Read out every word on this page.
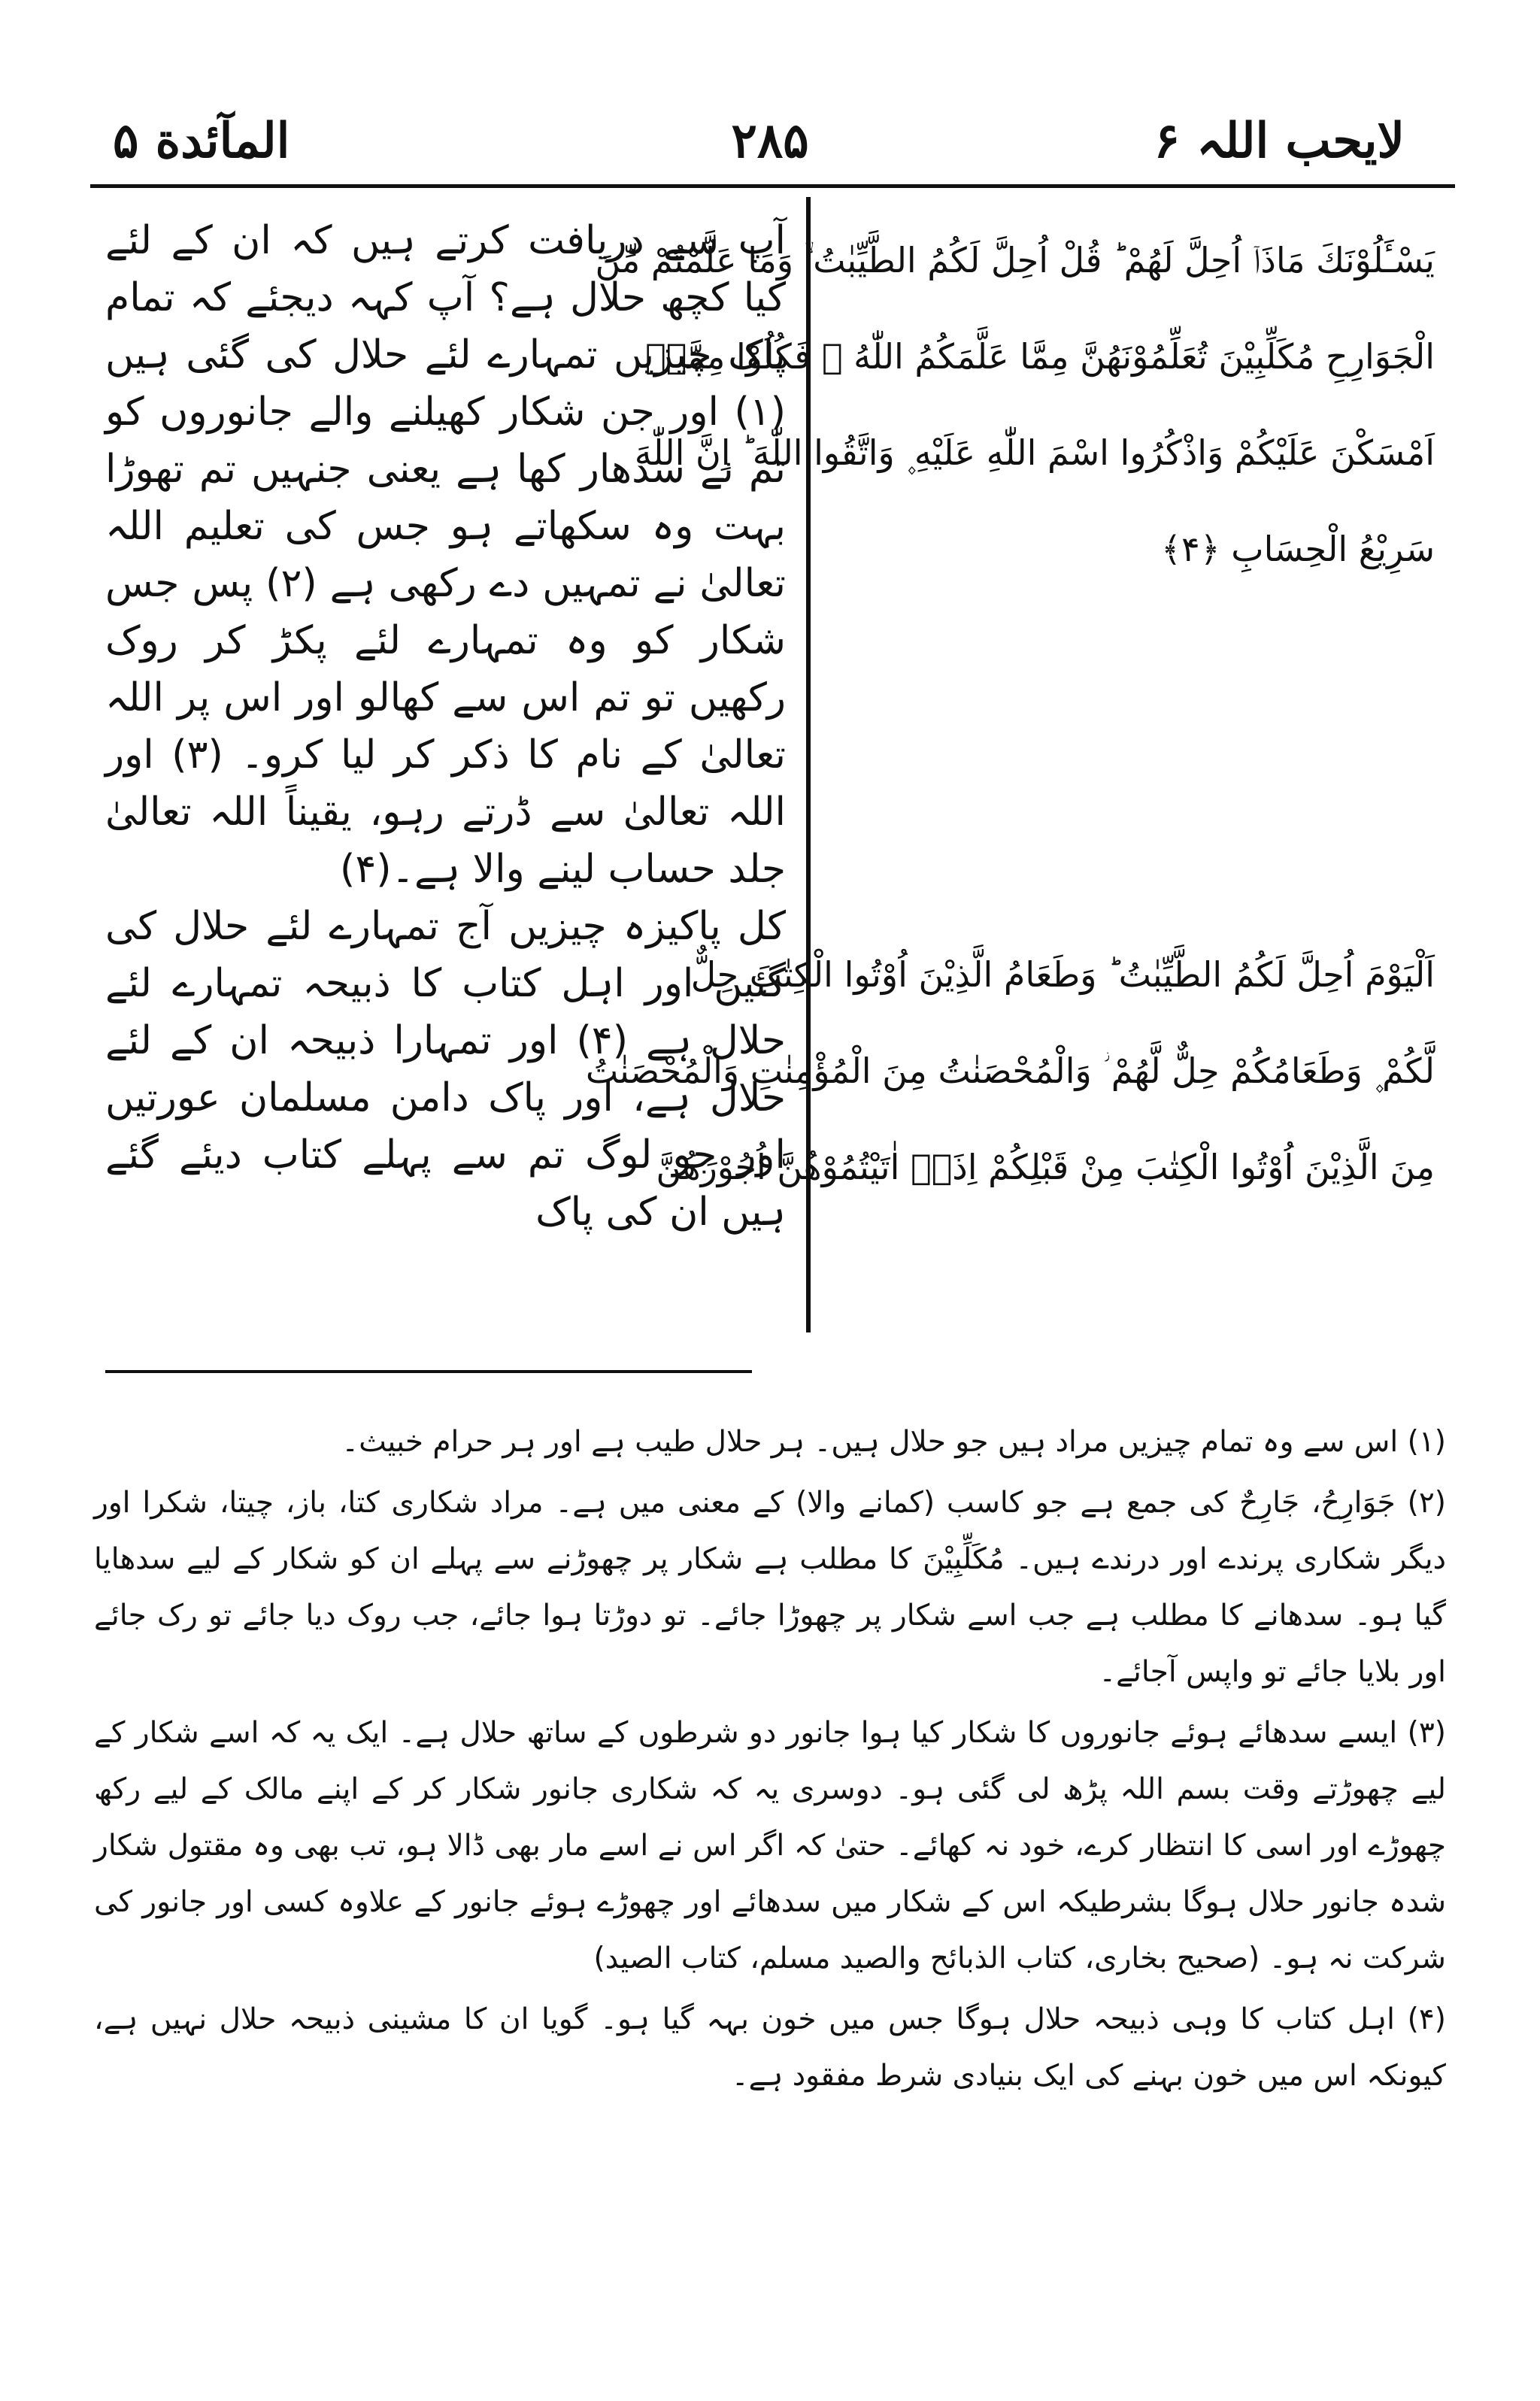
لایحب اللہ ۶
۲۸۵
المآئدة ۵
یَسْـَٔلُوْنَكَ مَاذَاۤ اُحِلَّ لَهُمْ ؕ قُلْ اُحِلَّ لَكُمُ الطَّیِّبٰتُ ۙ وَمَا عَلَّمْتُمْ مِّنَ
الْجَوَارِحِ مُكَلِّبِیْنَ تُعَلِّمُوْنَهُنَّ مِمَّا عَلَّمَكُمُ اللّٰهُ ؗ فَكُلُوْا مِمَّاۤ
اَمْسَكْنَ عَلَیْكُمْ وَاذْكُرُوا اسْمَ اللّٰهِ عَلَیْهِ ۪ وَاتَّقُوا اللّٰهَ ؕ اِنَّ اللّٰهَ
سَرِیْعُ الْحِسَابِ ﴿۴﴾
اَلْیَوْمَ اُحِلَّ لَكُمُ الطَّیِّبٰتُ ؕ وَطَعَامُ الَّذِیْنَ اُوْتُوا الْكِتٰبَ حِلٌّ
لَّكُمْ ۪ وَطَعَامُكُمْ حِلٌّ لَّهُمْ ؗ وَالْمُحْصَنٰتُ مِنَ الْمُؤْمِنٰتِ وَالْمُحْصَنٰتُ
مِنَ الَّذِیْنَ اُوْتُوا الْكِتٰبَ مِنْ قَبْلِكُمْ اِذَاۤ اٰتَیْتُمُوْهُنَّ اُجُوْرَهُنَّ

آپ سے دریافت کرتے ہیں کہ ان کے لئے کیا کچھ حلال ہے؟ آپ کہہ دیجئے کہ تمام پاک چیزیں تمہارے لئے حلال کی گئی ہیں (۱) اور جن شکار کھیلنے والے جانوروں کو تم نے سدھار کھا ہے یعنی جنہیں تم تھوڑا بہت وہ سکھاتے ہو جس کی تعلیم اللہ تعالیٰ نے تمہیں دے رکھی ہے (۲) پس جس شکار کو وہ تمہارے لئے پکڑ کر روک رکھیں تو تم اس سے کھالو اور اس پر اللہ تعالیٰ کے نام کا ذکر کر لیا کرو۔ (۳) اور اللہ تعالیٰ سے ڈرتے رہو، یقیناً اللہ تعالیٰ جلد حساب لینے والا ہے۔(۴)

کل پاکیزہ چیزیں آج تمہارے لئے حلال کی گئیں اور اہل کتاب کا ذبیحہ تمہارے لئے حلال ہے (۴) اور تمہارا ذبیحہ ان کے لئے حلال ہے، اور پاک دامن مسلمان عورتیں اور جو لوگ تم سے پہلے کتاب دیئے گئے ہیں ان کی پاک

(۱) اس سے وہ تمام چیزیں مراد ہیں جو حلال ہیں۔ ہر حلال طیب ہے اور ہر حرام خبیث۔

(۲) جَوَارِحُ، جَارِحٌ کی جمع ہے جو کاسب (کمانے والا) کے معنی میں ہے۔ مراد شکاری کتا، باز، چیتا، شکرا اور دیگر شکاری پرندے اور درندے ہیں۔ مُكَلِّبِیْنَ کا مطلب ہے شکار پر چھوڑنے سے پہلے ان کو شکار کے لیے سدھایا گیا ہو۔ سدھانے کا مطلب ہے جب اسے شکار پر چھوڑا جائے۔ تو دوڑتا ہوا جائے، جب روک دیا جائے تو رک جائے اور بلایا جائے تو واپس آجائے۔

(۳) ایسے سدھائے ہوئے جانوروں کا شکار کیا ہوا جانور دو شرطوں کے ساتھ حلال ہے۔ ایک یہ کہ اسے شکار کے لیے چھوڑتے وقت بسم اللہ پڑھ لی گئی ہو۔ دوسری یہ کہ شکاری جانور شکار کر کے اپنے مالک کے لیے رکھ چھوڑے اور اسی کا انتظار کرے، خود نہ کھائے۔ حتیٰ کہ اگر اس نے اسے مار بھی ڈالا ہو، تب بھی وہ مقتول شکار شدہ جانور حلال ہوگا بشرطیکہ اس کے شکار میں سدھائے اور چھوڑے ہوئے جانور کے علاوہ کسی اور جانور کی شرکت نہ ہو۔ (صحیح بخاری، کتاب الذبائح والصید مسلم، کتاب الصید)

(۴) اہل کتاب کا وہی ذبیحہ حلال ہوگا جس میں خون بہہ گیا ہو۔ گویا ان کا مشینی ذبیحہ حلال نہیں ہے، کیونکہ اس میں خون بہنے کی ایک بنیادی شرط مفقود ہے۔
